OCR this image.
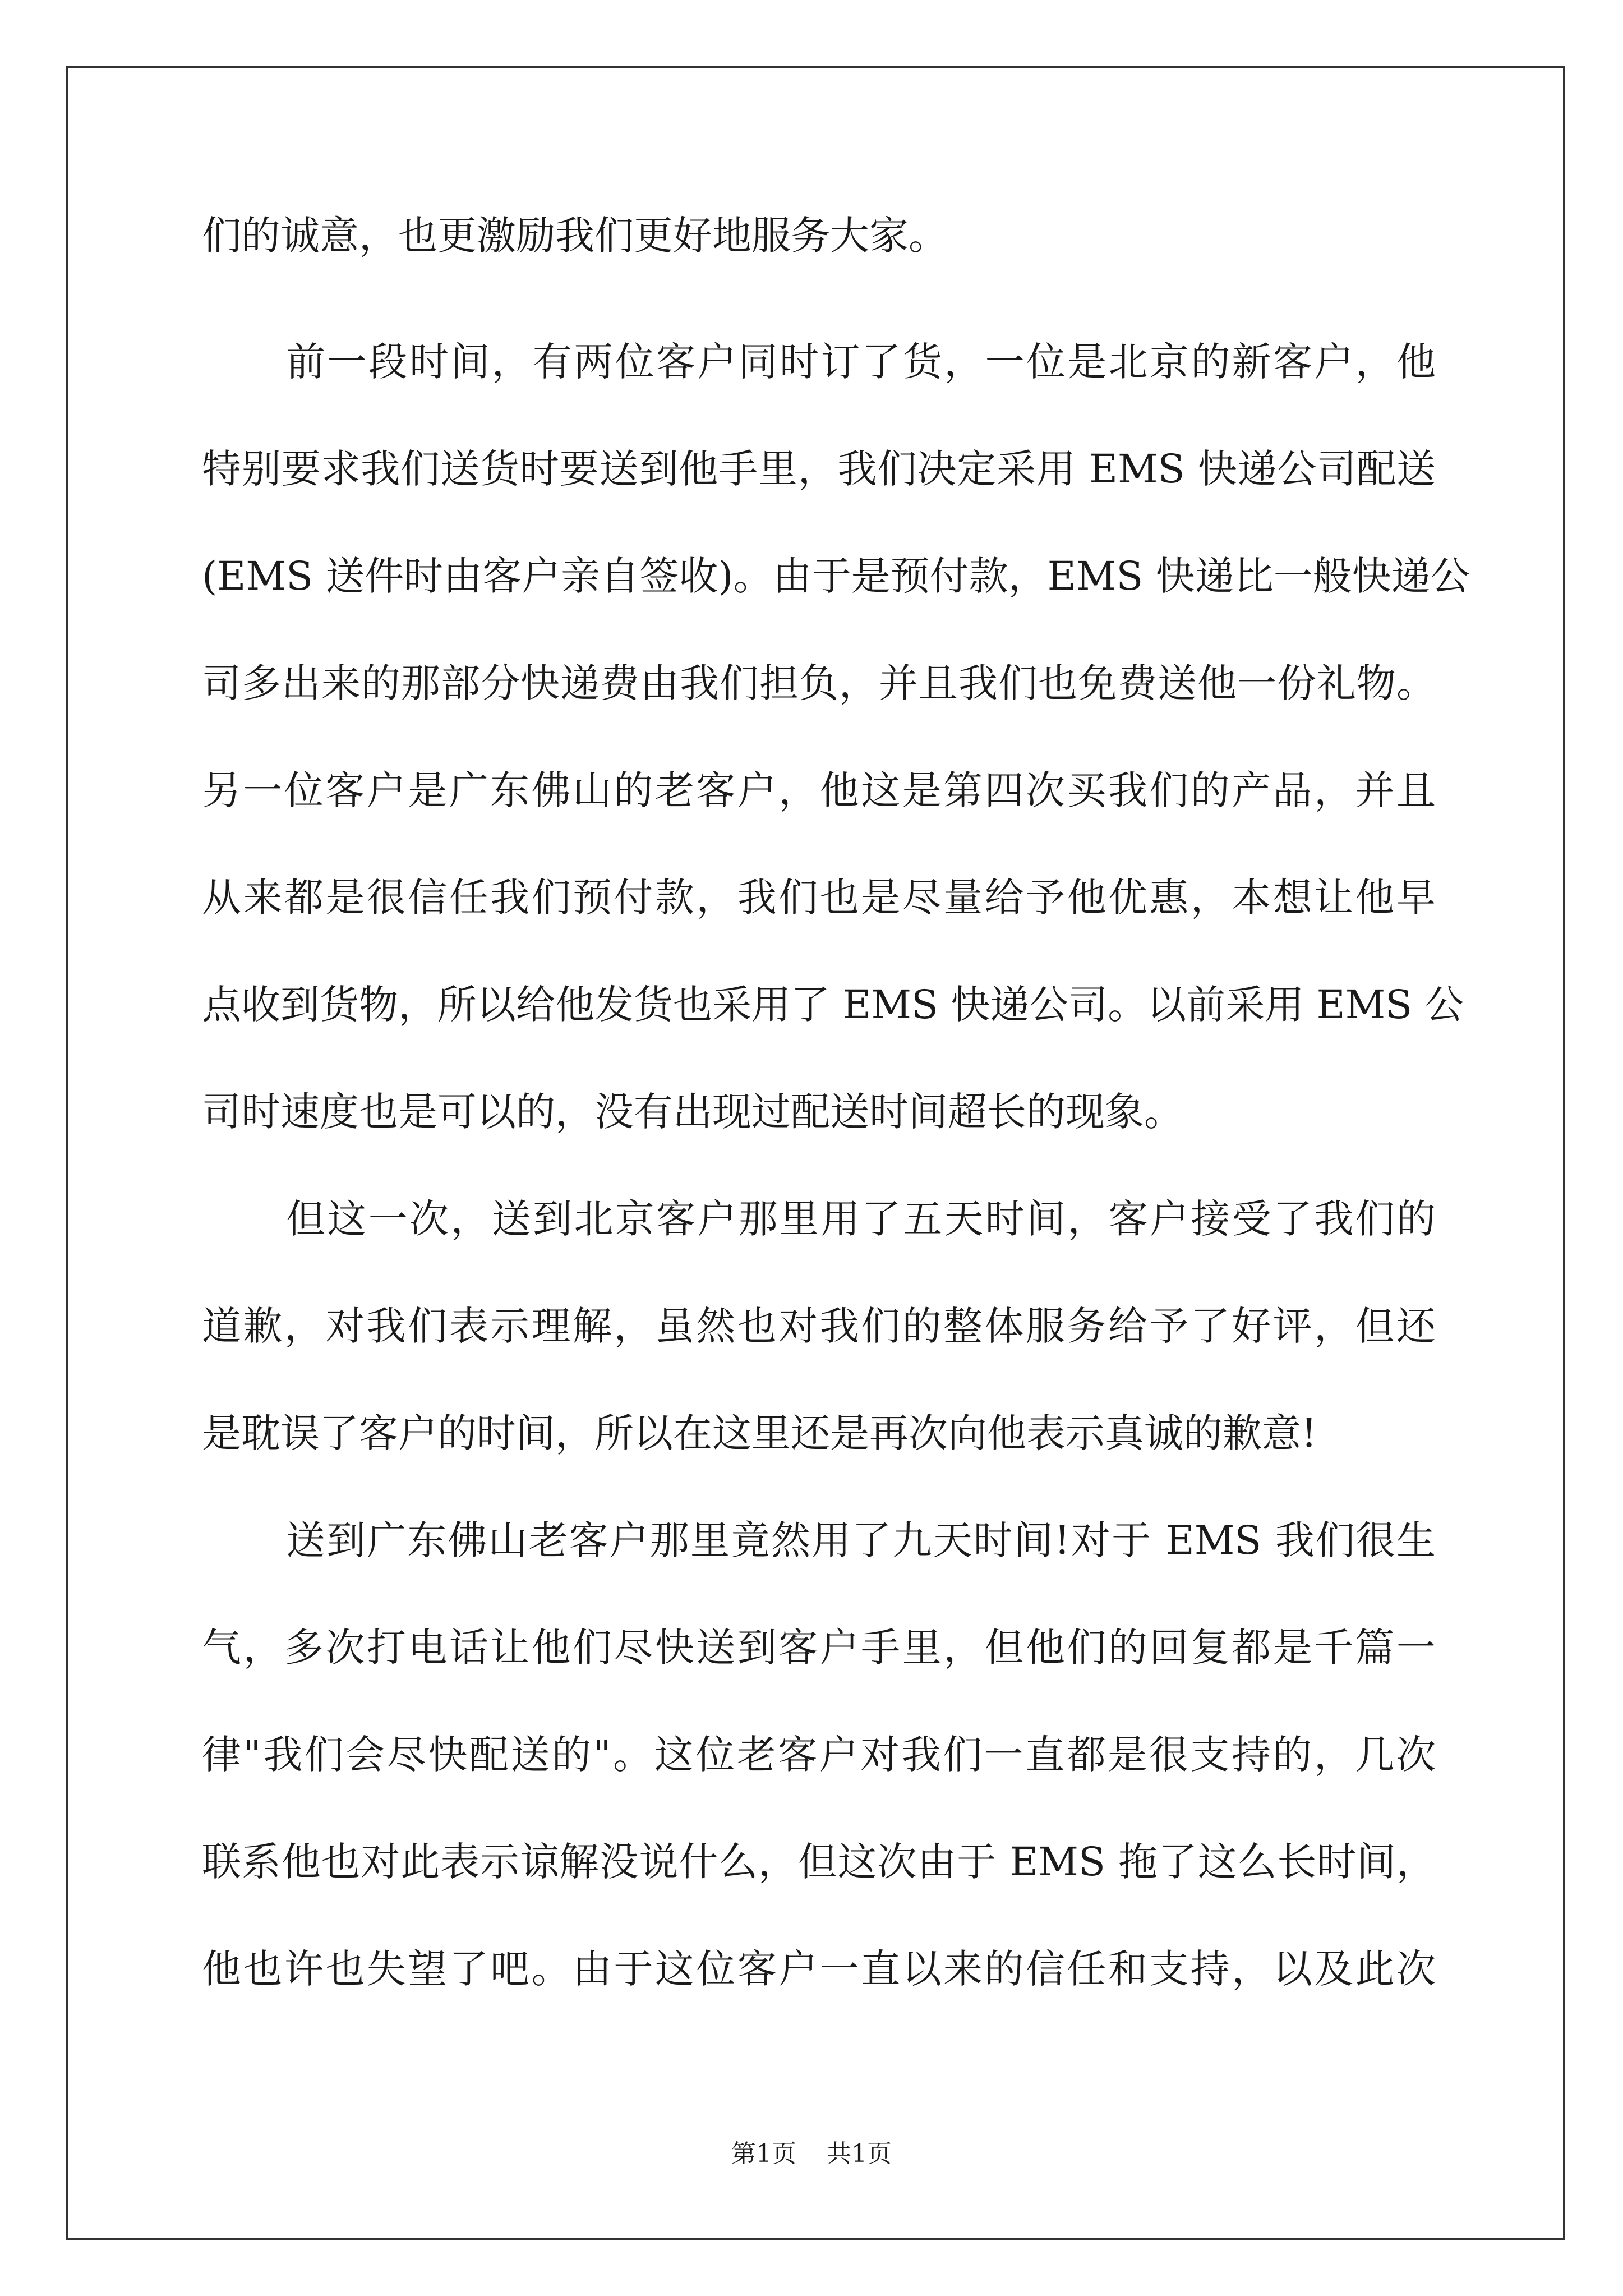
们的诚意，也更激励我们更好地服务大家。
前一段时间，有两位客户同时订了货，一位是北京的新客户，他
特别要求我们送货时要送到他手里，我们决定采用 EMS 快递公司配送
(EMS 送件时由客户亲自签收)。由于是预付款，EMS 快递比一般快递公
司多出来的那部分快递费由我们担负，并且我们也免费送他一份礼物。
另一位客户是广东佛山的老客户，他这是第四次买我们的产品，并且
从来都是很信任我们预付款，我们也是尽量给予他优惠，本想让他早
点收到货物，所以给他发货也采用了 EMS 快递公司。以前采用 EMS 公
司时速度也是可以的，没有出现过配送时间超长的现象。
但这一次，送到北京客户那里用了五天时间，客户接受了我们的
道歉，对我们表示理解，虽然也对我们的整体服务给予了好评，但还
是耽误了客户的时间，所以在这里还是再次向他表示真诚的歉意!
送到广东佛山老客户那里竟然用了九天时间!对于 EMS 我们很生
气，多次打电话让他们尽快送到客户手里，但他们的回复都是千篇一
律"我们会尽快配送的"。这位老客户对我们一直都是很支持的，几次
联系他也对此表示谅解没说什么，但这次由于 EMS 拖了这么长时间，
他也许也失望了吧。由于这位客户一直以来的信任和支持，以及此次
第1页 共1页
